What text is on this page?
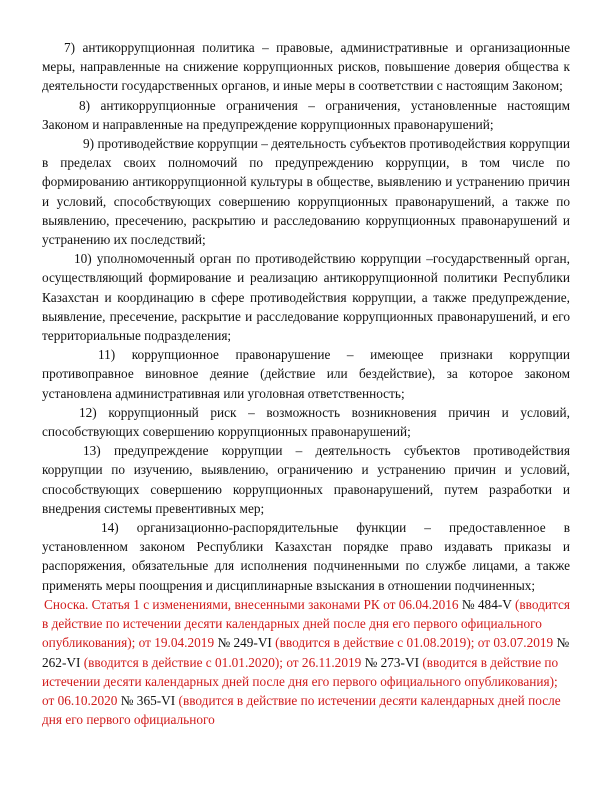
7) антикоррупционная политика – правовые, административные и организационные меры, направленные на снижение коррупционных рисков, повышение доверия общества к деятельности государственных органов, и иные меры в соответствии с настоящим Законом;

8) антикоррупционные ограничения – ограничения, установленные настоящим Законом и направленные на предупреждение коррупционных правонарушений;

9) противодействие коррупции – деятельность субъектов противодействия коррупции в пределах своих полномочий по предупреждению коррупции, в том числе по формированию антикоррупционной культуры в обществе, выявлению и устранению причин и условий, способствующих совершению коррупционных правонарушений, а также по выявлению, пресечению, раскрытию и расследованию коррупционных правонарушений и устранению их последствий;

10) уполномоченный орган по противодействию коррупции –государственный орган, осуществляющий формирование и реализацию антикоррупционной политики Республики Казахстан и координацию в сфере противодействия коррупции, а также предупреждение, выявление, пресечение, раскрытие и расследование коррупционных правонарушений, и его территориальные подразделения;

11) коррупционное правонарушение – имеющее признаки коррупции противоправное виновное деяние (действие или бездействие), за которое законом установлена административная или уголовная ответственность;

12) коррупционный риск – возможность возникновения причин и условий, способствующих совершению коррупционных правонарушений;

13) предупреждение коррупции – деятельность субъектов противодействия коррупции по изучению, выявлению, ограничению и устранению причин и условий, способствующих совершению коррупционных правонарушений, путем разработки и внедрения системы превентивных мер;

14) организационно-распорядительные функции – предоставленное в установленном законом Республики Казахстан порядке право издавать приказы и распоряжения, обязательные для исполнения подчиненными по службе лицами, а также применять меры поощрения и дисциплинарные взыскания в отношении подчиненных;

Сноска. Статья 1 с изменениями, внесенными законами РК от 06.04.2016 № 484-V (вводится в действие по истечении десяти календарных дней после дня его первого официального опубликования); от 19.04.2019 № 249-VI (вводится в действие с 01.08.2019); от 03.07.2019 № 262-VI (вводится в действие с 01.01.2020); от 26.11.2019 № 273-VI (вводится в действие по истечении десяти календарных дней после дня его первого официального опубликования); от 06.10.2020 № 365-VI (вводится в действие по истечении десяти календарных дней после дня его первого официального
